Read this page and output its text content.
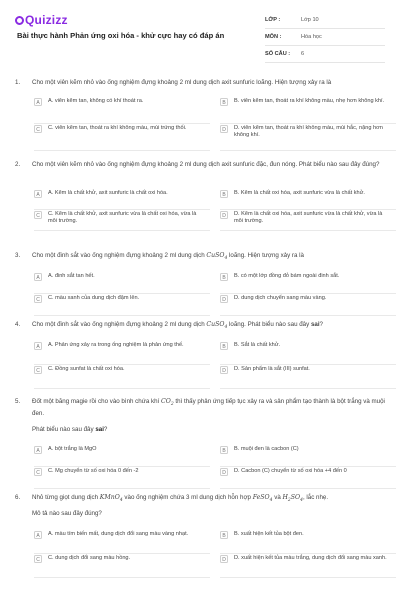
Quizizz
Bài thực hành Phản ứng oxi hóa - khử cực hay có đáp án
LỚP :	Lớp 10
MÔN :	Hóa học
SỐ CÂU :	6
1.	Cho một viên kẽm nhỏ vào ống nghiệm đựng khoảng 2 ml dung dịch axit sunfuric loãng. Hiện tượng xảy ra là
A	A. viên kẽm tan, không có khí thoát ra.	B	B. viên kẽm tan, thoát ra khí không màu, nhẹ hơn không khí.
C	C. viên kẽm tan, thoát ra khí không màu, mùi trứng thối.	D	D. viên kẽm tan, thoát ra khí không màu, mùi hắc, nặng hơn không khí.
2.	Cho một viên kẽm nhỏ vào ống nghiệm đựng khoảng 2 ml dung dịch axit sunfuric đặc, đun nóng. Phát biểu nào sau đây đúng?
A	A. Kẽm là chất khử, axit sunfuric là chất oxi hóa.	B	B. Kẽm là chất oxi hóa, axit sunfuric vừa là chất khử.
C	C. Kẽm là chất khử, axit sunfuric vừa là chất oxi hóa, vừa là môi trường.
D	D. Kẽm là chất oxi hóa, axit sunfuric vừa là chất khử, vừa là môi trường.
3.	Cho một đinh sắt vào ống nghiệm đựng khoảng 2 ml dung dịch CuSO$_4$ loãng. Hiện tượng xảy ra là
A	A. đinh sắt tan hết.	B	B. có một lớp đồng đỏ bám ngoài đinh sắt.
C	C. màu xanh của dung dịch đậm lên.	D	D. dung dịch chuyển sang màu vàng.
4.	Cho một đinh sắt vào ống nghiệm đựng khoảng 2 ml dung dịch CuSO$_4$ loãng. Phát biểu nào sau đây sai?
A	A. Phản ứng xảy ra trong ống nghiệm là phản ứng thế.	B	B. Sắt là chất khử.
C	C. Đồng sunfat là chất oxi hóa.	D	D. Sản phẩm là sắt (III) sunfat.
5.	Đốt một băng magie rồi cho vào bình chứa khí $CO_2$ thì thấy phản ứng tiếp tục xảy ra và sản phẩm tạo thành là bột trắng và muội đen.
Phát biểu nào sau đây sai?
A	A. bột trắng là MgO	B	B. muội đen là cacbon (C)
C	C. Mg chuyển từ số oxi hóa 0 đến -2	D	D. Cacbon (C) chuyển từ số oxi hóa +4 đến 0
6.	Nhỏ từng giọt dung dịch KMnO$_4$ vào ống nghiệm chứa 3 ml dung dịch hỗn hợp FeSO$_4$ và $H_2SO_4$, lắc nhẹ.
Mô tả nào sau đây đúng?
A	A. màu tím biến mất, dung dịch đổi sang màu vàng nhạt.	B	B. xuất hiện kết tủa bột đen.
C	C. dung dịch đổi sang màu hồng.	D	D. xuất hiện kết tủa màu trắng, dung dịch đổi sang màu xanh.
